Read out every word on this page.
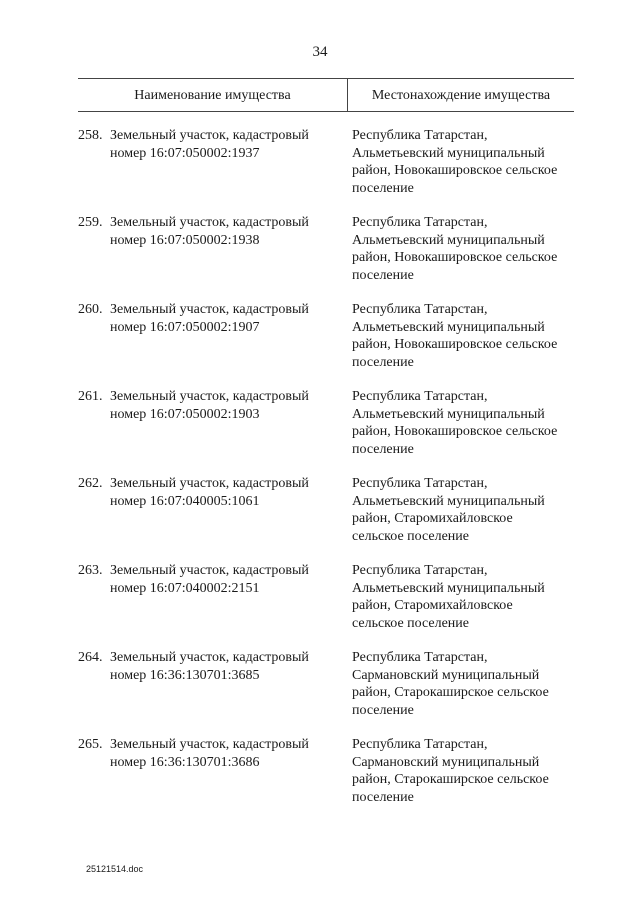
34
Наименование имущества	Местонахождение имущества
258. Земельный участок, кадастровый
номер 16:07:050002:1937
Республика Татарстан,
Альметьевский муниципальный
район, Новокашировское сельское
поселение
259. Земельный участок, кадастровый
номер 16:07:050002:1938
Республика Татарстан,
Альметьевский муниципальный
район, Новокашировское сельское
поселение
260. Земельный участок, кадастровый
номер 16:07:050002:1907
Республика Татарстан,
Альметьевский муниципальный
район, Новокашировское сельское
поселение
261. Земельный участок, кадастровый
номер 16:07:050002:1903
Республика Татарстан,
Альметьевский муниципальный
район, Новокашировское сельское
поселение
262. Земельный участок, кадастровый
номер 16:07:040005:1061
Республика Татарстан,
Альметьевский муниципальный
район, Старомихайловское
сельское поселение
263. Земельный участок, кадастровый
номер 16:07:040002:2151
Республика Татарстан,
Альметьевский муниципальный
район, Старомихайловское
сельское поселение
264. Земельный участок, кадастровый
номер 16:36:130701:3685
Республика Татарстан,
Сармановский муниципальный
район, Старокаширское сельское
поселение
265. Земельный участок, кадастровый
номер 16:36:130701:3686
Республика Татарстан,
Сармановский муниципальный
район, Старокаширское сельское
поселение
25121514.doc
